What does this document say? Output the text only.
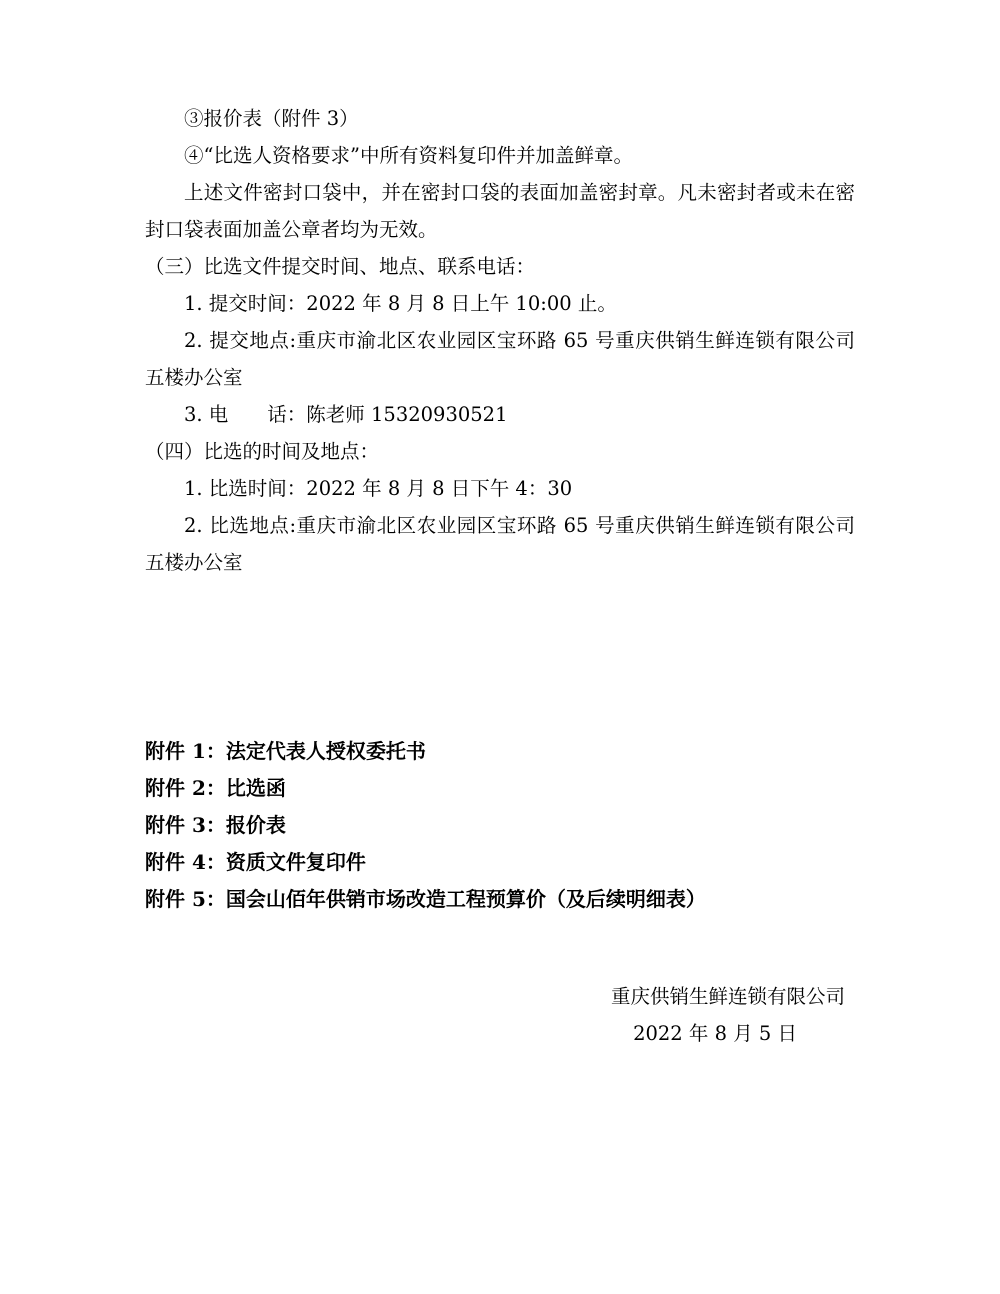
③报价表（附件 3）

④“比选人资格要求”中所有资料复印件并加盖鲜章。

上述文件密封口袋中，并在密封口袋的表面加盖密封章。凡未密封者或未在密封口袋表面加盖公章者均为无效。

（三）比选文件提交时间、地点、联系电话：

1. 提交时间：2022 年 8 月 8 日上午 10:00 止。

2. 提交地点:重庆市渝北区农业园区宝环路 65 号重庆供销生鲜连锁有限公司五楼办公室

3. 电　　话：陈老师 15320930521

（四）比选的时间及地点：

1. 比选时间：2022 年 8 月 8 日下午 4：30

2. 比选地点:重庆市渝北区农业园区宝环路 65 号重庆供销生鲜连锁有限公司五楼办公室

附件 1：法定代表人授权委托书

附件 2：比选函

附件 3：报价表

附件 4：资质文件复印件

附件 5：国会山佰年供销市场改造工程预算价（及后续明细表）

重庆供销生鲜连锁有限公司

2022 年 8 月 5 日
